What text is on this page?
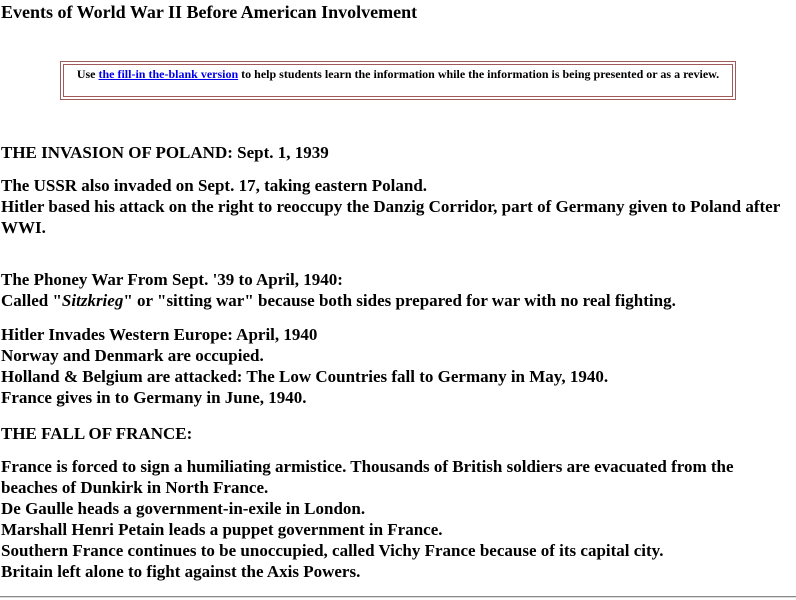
Events of World War II Before American Involvement
Use the fill-in the-blank version to help students learn the information while the information is being presented or as a review.

THE INVASION OF POLAND: Sept. 1, 1939

The USSR also invaded on Sept. 17, taking eastern Poland.
Hitler based his attack on the right to reoccupy the Danzig Corridor, part of Germany given to Poland after WWI.

The Phoney War From Sept. '39 to April, 1940:
Called "Sitzkrieg" or "sitting war" because both sides prepared for war with no real fighting.

Hitler Invades Western Europe: April, 1940
Norway and Denmark are occupied.
Holland & Belgium are attacked: The Low Countries fall to Germany in May, 1940.
France gives in to Germany in June, 1940.

THE FALL OF FRANCE:

France is forced to sign a humiliating armistice. Thousands of British soldiers are evacuated from the beaches of Dunkirk in North France.
De Gaulle heads a government-in-exile in London.
Marshall Henri Petain leads a puppet government in France.
Southern France continues to be unoccupied, called Vichy France because of its capital city.
Britain left alone to fight against the Axis Powers.
